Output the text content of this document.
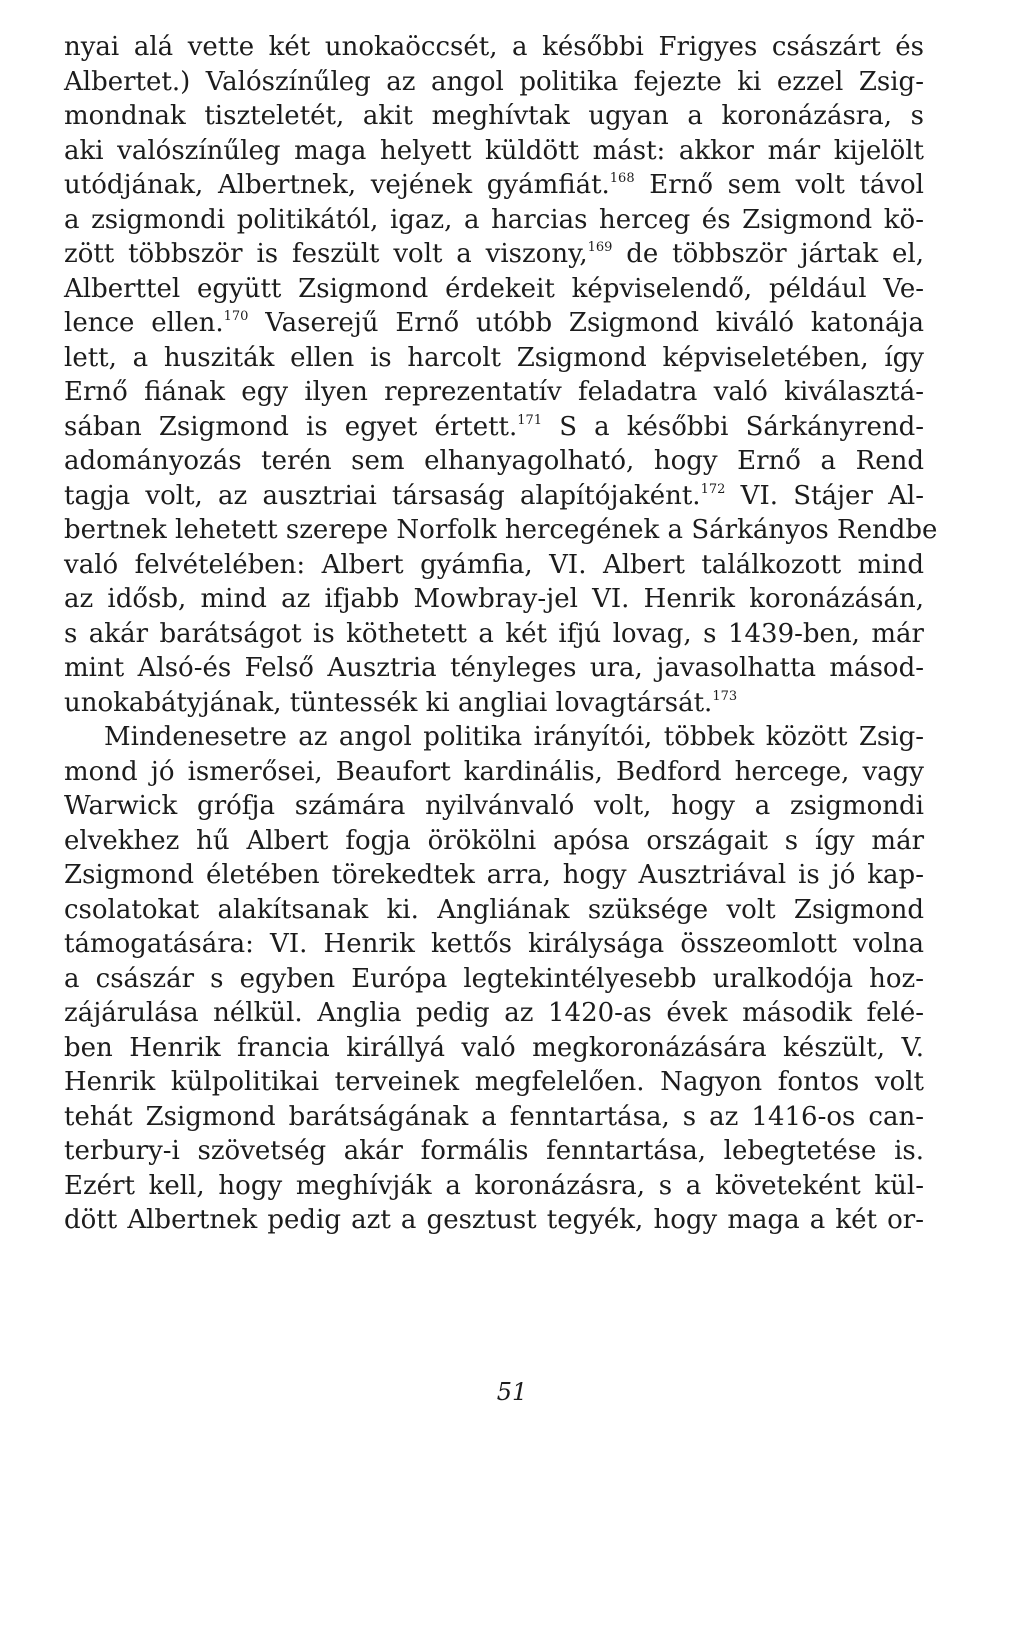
nyai alá vette két unokaöccsét, a későbbi Frigyes császárt és
Albertet.) Valószínűleg az angol politika fejezte ki ezzel Zsig-
mondnak tiszteletét, akit meghívtak ugyan a koronázásra, s
aki valószínűleg maga helyett küldött mást: akkor már kijelölt
utódjának, Albertnek, vejének gyámfiát.$^{168}$ Ernő sem volt távol
a zsigmondi politikától, igaz, a harcias herceg és Zsigmond kö-
zött többször is feszült volt a viszony,$^{169}$ de többször jártak el,
Alberttel együtt Zsigmond érdekeit képviselendő, például Ve-
lence ellen.$^{170}$ Vaserejű Ernő utóbb Zsigmond kiváló katonája
lett, a husziták ellen is harcolt Zsigmond képviseletében, így
Ernő fiának egy ilyen reprezentatív feladatra való kiválasztá-
sában Zsigmond is egyet értett.$^{171}$ S a későbbi Sárkányrend-
adományozás terén sem elhanyagolható, hogy Ernő a Rend
tagja volt, az ausztriai társaság alapítójaként.$^{172}$ VI. Stájer Al-
bertnek lehetett szerepe Norfolk hercegének a Sárkányos Rendbe
való felvételében: Albert gyámfia, VI. Albert találkozott mind
az idősb, mind az ifjabb Mowbray-jel VI. Henrik koronázásán,
s akár barátságot is köthetett a két ifjú lovag, s 1439-ben, már
mint Alsó-és Felső Ausztria tényleges ura, javasolhatta másod-
unokabátyjának, tüntessék ki angliai lovagtársát.$^{173}$
Mindenesetre az angol politika irányítói, többek között Zsig-
mond jó ismerősei, Beaufort kardinális, Bedford hercege, vagy
Warwick grófja számára nyilvánvaló volt, hogy a zsigmondi
elvekhez hű Albert fogja örökölni apósa országait s így már
Zsigmond életében törekedtek arra, hogy Ausztriával is jó kap-
csolatokat alakítsanak ki. Angliának szüksége volt Zsigmond
támogatására: VI. Henrik kettős királysága összeomlott volna
a császár s egyben Európa legtekintélyesebb uralkodója hoz-
zájárulása nélkül. Anglia pedig az 1420-as évek második felé-
ben Henrik francia királlyá való megkoronázására készült, V.
Henrik külpolitikai terveinek megfelelően. Nagyon fontos volt
tehát Zsigmond barátságának a fenntartása, s az 1416-os can-
terbury-i szövetség akár formális fenntartása, lebegtetése is.
Ezért kell, hogy meghívják a koronázásra, s a követeként kül-
dött Albertnek pedig azt a gesztust tegyék, hogy maga a két or-
51
